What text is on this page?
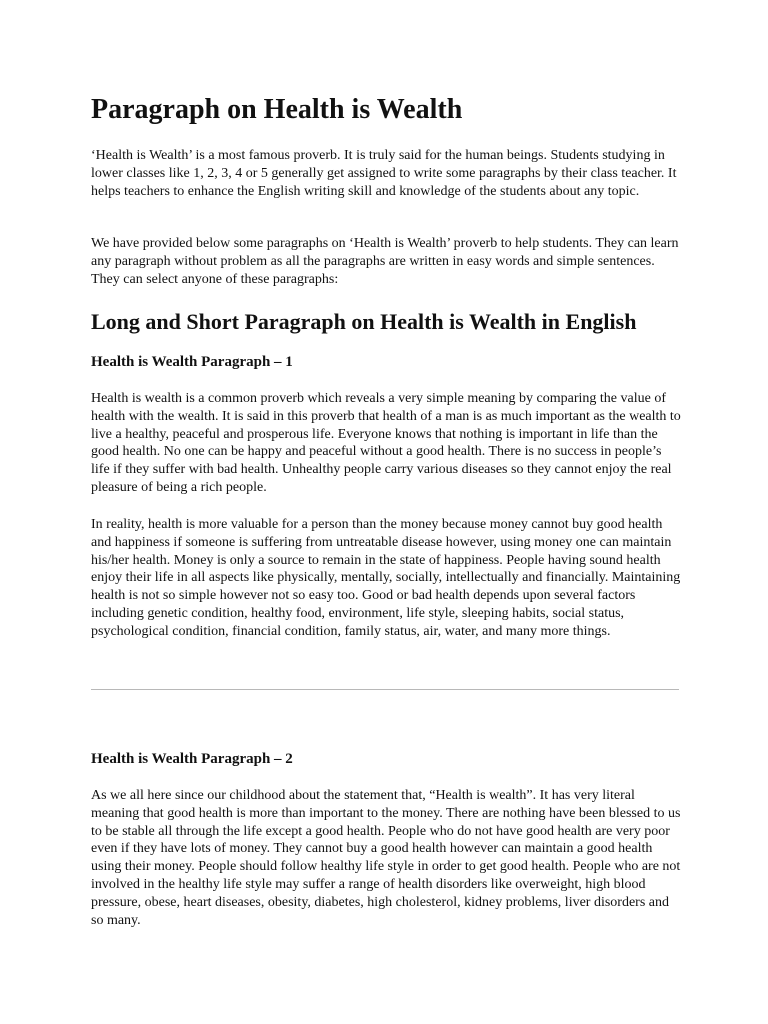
Paragraph on Health is Wealth

‘Health is Wealth’ is a most famous proverb. It is truly said for the human beings. Students studying in lower classes like 1, 2, 3, 4 or 5 generally get assigned to write some paragraphs by their class teacher. It helps teachers to enhance the English writing skill and knowledge of the students about any topic.

We have provided below some paragraphs on ‘Health is Wealth’ proverb to help students. They can learn any paragraph without problem as all the paragraphs are written in easy words and simple sentences. They can select anyone of these paragraphs:

Long and Short Paragraph on Health is Wealth in English
Health is Wealth Paragraph – 1

Health is wealth is a common proverb which reveals a very simple meaning by comparing the value of health with the wealth. It is said in this proverb that health of a man is as much important as the wealth to live a healthy, peaceful and prosperous life. Everyone knows that nothing is important in life than the good health. No one can be happy and peaceful without a good health. There is no success in people’s life if they suffer with bad health. Unhealthy people carry various diseases so they cannot enjoy the real pleasure of being a rich people.

In reality, health is more valuable for a person than the money because money cannot buy good health and happiness if someone is suffering from untreatable disease however, using money one can maintain his/her health. Money is only a source to remain in the state of happiness. People having sound health enjoy their life in all aspects like physically, mentally, socially, intellectually and financially. Maintaining health is not so simple however not so easy too. Good or bad health depends upon several factors including genetic condition, healthy food, environment, life style, sleeping habits, social status, psychological condition, financial condition, family status, air, water, and many more things.

Health is Wealth Paragraph – 2

As we all here since our childhood about the statement that, “Health is wealth”. It has very literal meaning that good health is more than important to the money. There are nothing have been blessed to us to be stable all through the life except a good health. People who do not have good health are very poor even if they have lots of money. They cannot buy a good health however can maintain a good health using their money. People should follow healthy life style in order to get good health. People who are not involved in the healthy life style may suffer a range of health disorders like overweight, high blood pressure, obese, heart diseases, obesity, diabetes, high cholesterol, kidney problems, liver disorders and so many.
